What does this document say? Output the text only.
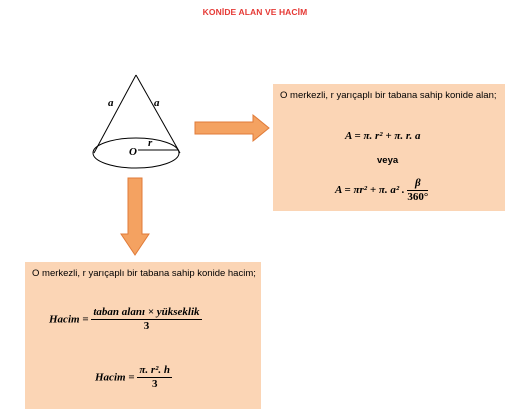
KONİDE ALAN VE HACİM
a	a
O
r
O merkezli, r yarıçaplı bir tabana sahip konide alan;
A = π. r² + π. r. a
veya
A = πr² + π. a² . $\frac{\beta}{360^\circ}$
O merkezli, r yarıçaplı bir tabana sahip konide hacim;
Hacim = $\frac{\text{taban alanı × yükseklik}}{3}$
Hacim = $\frac{\text{π. r². h}}{3}$
